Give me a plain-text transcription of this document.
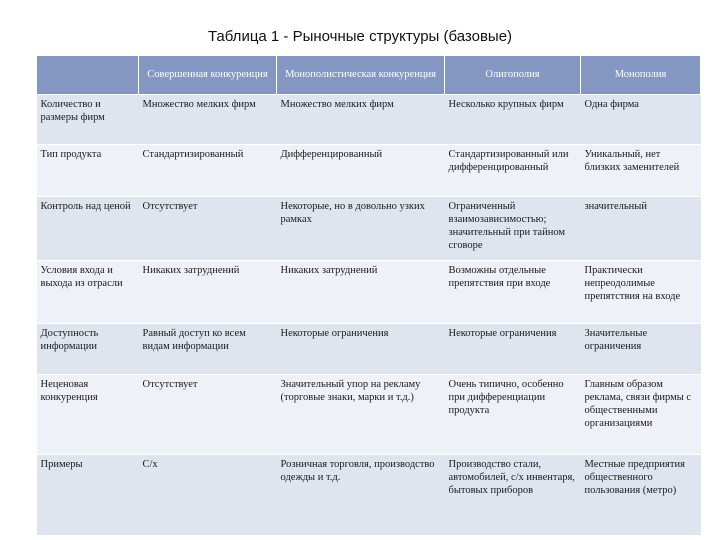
Таблица 1 - Рыночные структуры (базовые)
	Совершенная конкуренция	Монополистическая конкуренция	Олигополия	Монополия
Количество и размеры фирм	Множество мелких фирм	Множество мелких фирм	Несколько крупных фирм	Одна фирма
Тип продукта	Стандартизированный	Дифференцированный	Стандартизированный или дифференцированный	Уникальный, нет близких заменителей
Контроль над ценой	Отсутствует	Некоторые, но в довольно узких рамках	Ограниченный взаимозависимостью; значительный при тайном сговоре	значительный
Условия входа и выхода из отрасли	Никаких затруднений	Никаких затруднений	Возможны отдельные препятствия при входе	Практически непреодолимые препятствия на входе
Доступность информации	Равный доступ ко всем видам информации	Некоторые ограничения	Некоторые ограничения	Значительные ограничения
Неценовая конкуренция	Отсутствует	Значительный упор на рекламу (торговые знаки, марки и т.д.)	Очень типично, особенно при дифференциации продукта	Главным образом реклама, связи фирмы с общественными организациями
Примеры	С/х	Розничная торговля, производство одежды и т.д.	Производство стали, автомобилей, с/х инвентаря, бытовых приборов	Местные предприятия общественного пользования (метро)
